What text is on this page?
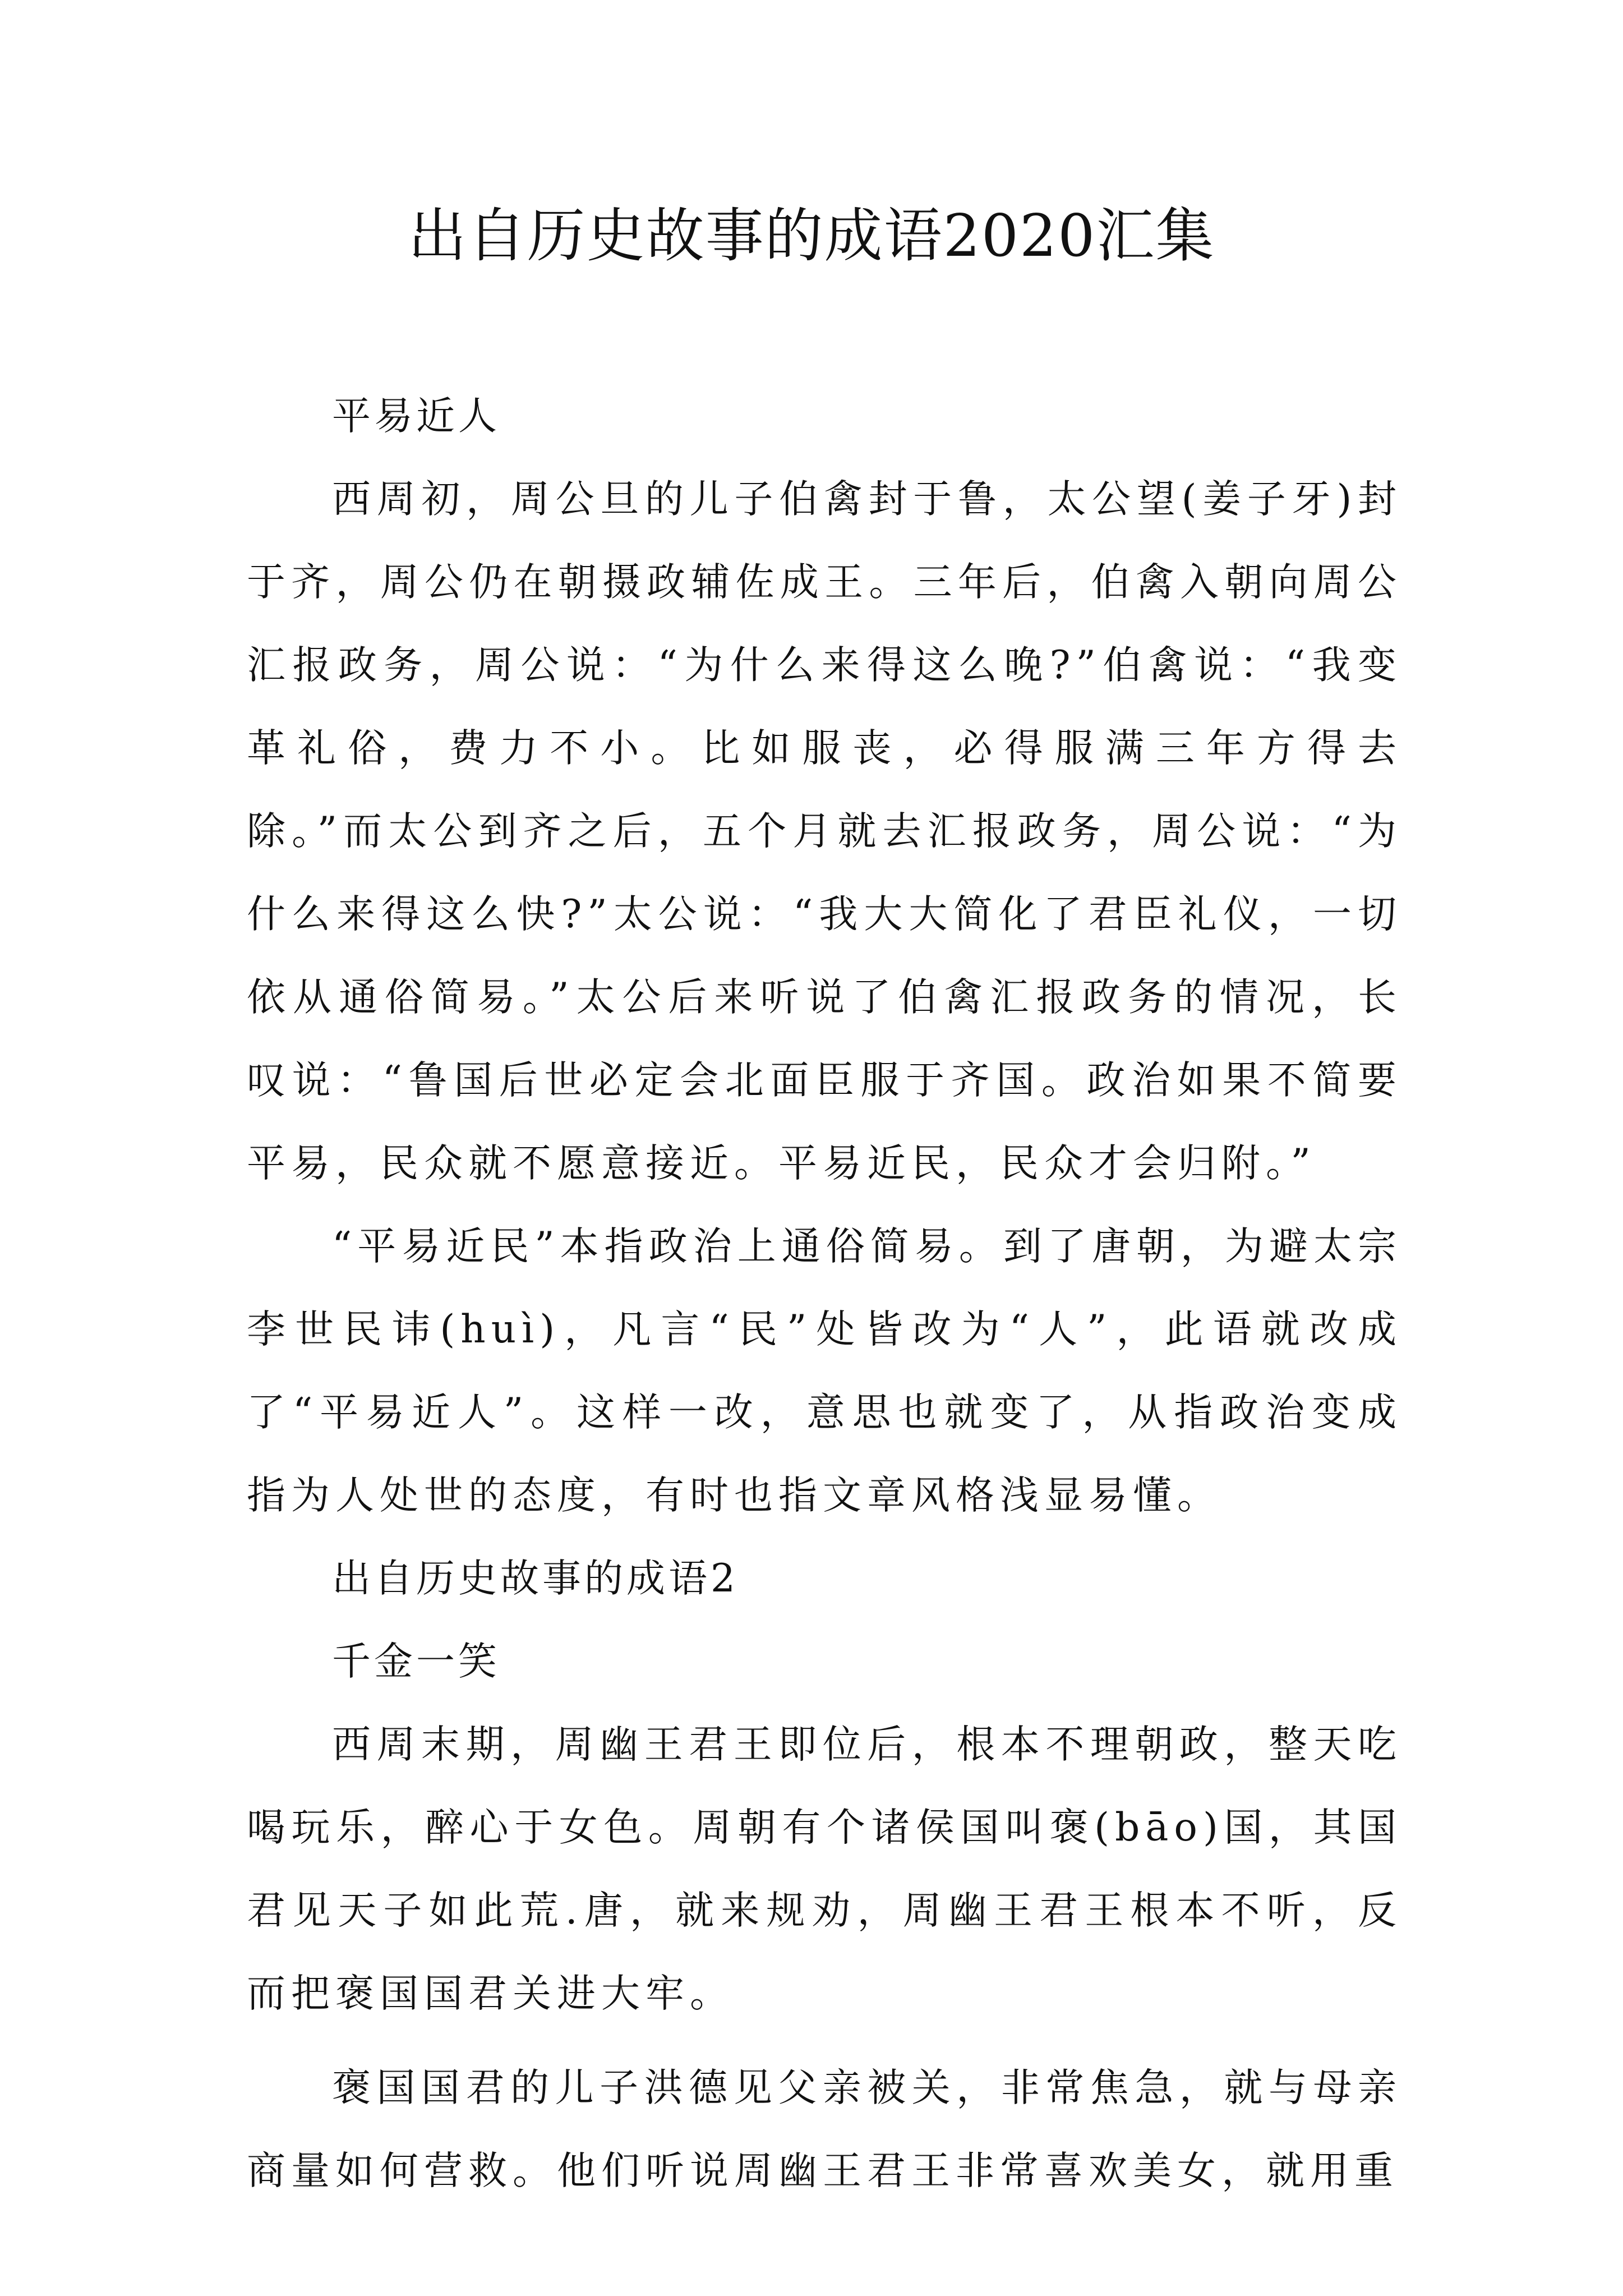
出自历史故事的成语2020汇集

平易近人

西周初，周公旦的儿子伯禽封于鲁，太公望(姜子牙)封于齐，周公仍在朝摄政辅佐成王。三年后，伯禽入朝向周公汇报政务，周公说：“为什么来得这么晚?”伯禽说：“我变革礼俗，费力不小。比如服丧，必得服满三年方得去除。”而太公到齐之后，五个月就去汇报政务，周公说：“为什么来得这么快?”太公说：“我大大简化了君臣礼仪，一切依从通俗简易。”太公后来听说了伯禽汇报政务的情况，长叹说：“鲁国后世必定会北面臣服于齐国。政治如果不简要平易，民众就不愿意接近。平易近民，民众才会归附。”

“平易近民”本指政治上通俗简易。到了唐朝，为避太宗李世民讳(huì)，凡言“民”处皆改为“人”，此语就改成了“平易近人”。这样一改，意思也就变了，从指政治变成指为人处世的态度，有时也指文章风格浅显易懂。

出自历史故事的成语2

千金一笑

西周末期，周幽王君王即位后，根本不理朝政，整天吃喝玩乐，醉心于女色。周朝有个诸侯国叫褒(bāo)国，其国君见天子如此荒.唐，就来规劝，周幽王君王根本不听，反而把褒国国君关进大牢。

褒国国君的儿子洪德见父亲被关，非常焦急，就与母亲商量如何营救。他们听说周幽王君王非常喜欢美女，就用重
